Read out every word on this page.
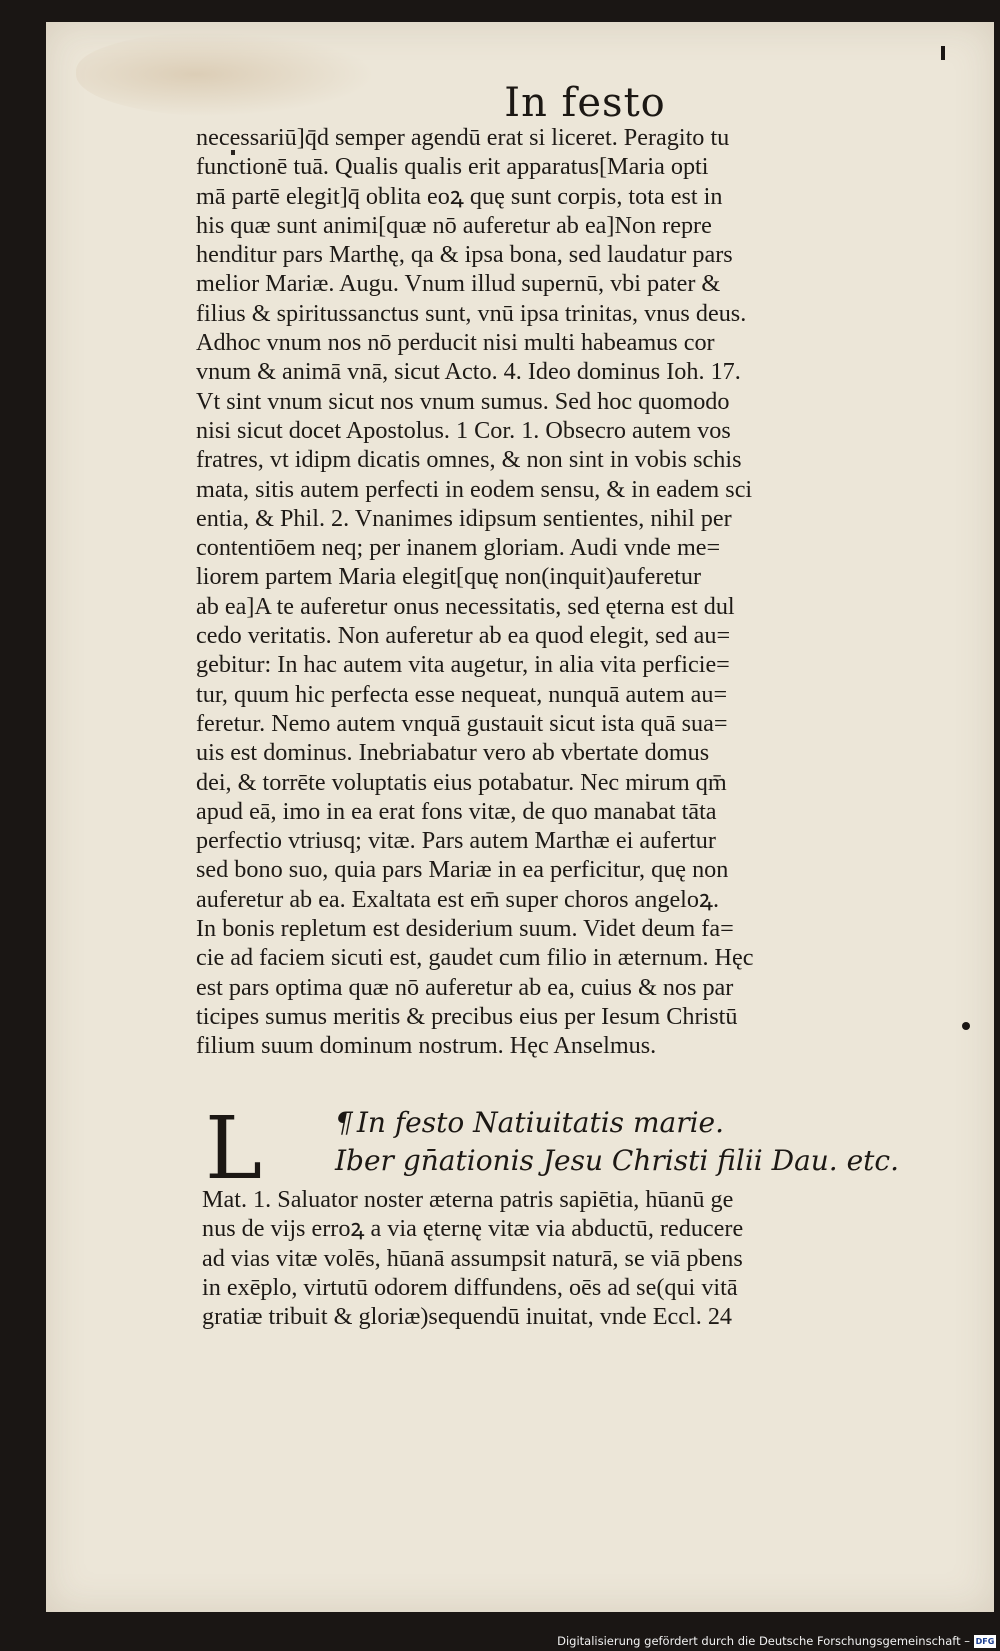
In festo
necessariū]q̄d semper agendū erat si liceret. Peragito tu
functionē tuā. Qualis qualis erit apparatus[Maria opti
mā partē elegit]q̄ oblita eoꝝ quę sunt corpis, tota est in
his quæ sunt animi[quæ nō auferetur ab ea]Non repre
henditur pars Marthę, qa & ipsa bona, sed laudatur pars
melior Mariæ. Augu. Vnum illud supernū, vbi pater &
filius & spiritussanctus sunt, vnū ipsa trinitas, vnus deus.
Adhoc vnum nos nō perducit nisi multi habeamus cor
vnum & animā vnā, sicut Acto. 4. Ideo dominus Ioh. 17.
Vt sint vnum sicut nos vnum sumus. Sed hoc quomodo
nisi sicut docet Apostolus. 1 Cor. 1. Obsecro autem vos
fratres, vt idipm dicatis omnes, & non sint in vobis schis
mata, sitis autem perfecti in eodem sensu, & in eadem sci
entia, & Phil. 2. Vnanimes idipsum sentientes, nihil per
contentiōem neq; per inanem gloriam. Audi vnde me=
liorem partem Maria elegit[quę non(inquit)auferetur
ab ea]A te auferetur onus necessitatis, sed ęterna est dul
cedo veritatis. Non auferetur ab ea quod elegit, sed au=
gebitur: In hac autem vita augetur, in alia vita perficie=
tur, quum hic perfecta esse nequeat, nunquā autem au=
feretur. Nemo autem vnquā gustauit sicut ista quā sua=
uis est dominus. Inebriabatur vero ab vbertate domus
dei, & torrēte voluptatis eius potabatur. Nec mirum qm̄
apud eā, imo in ea erat fons vitæ, de quo manabat tāta
perfectio vtriusq; vitæ. Pars autem Marthæ ei aufertur
sed bono suo, quia pars Mariæ in ea perficitur, quę non
auferetur ab ea. Exaltata est em̄ super choros angeloꝝ.
In bonis repletum est desiderium suum. Videt deum fa=
cie ad faciem sicuti est, gaudet cum filio in æternum. Hęc
est pars optima quæ nō auferetur ab ea, cuius & nos par
ticipes sumus meritis & precibus eius per Iesum Christū
filium suum dominum nostrum. Hęc Anselmus.
L	¶ In festo Natiuitatis marie.
Iber gn̄ationis Jesu Christi filii Dau. etc.
Mat. 1. Saluator noster æterna patris sapiētia, hūanū ge
nus de vijs erroꝝ a via ęternę vitæ via abductū, reducere
ad vias vitæ volēs, hūanā assumpsit naturā, se viā pbens
in exēplo, virtutū odorem diffundens, oēs ad se(qui vitā
gratiæ tribuit & gloriæ)sequendū inuitat, vnde Eccl. 24
Digitalisierung gefördert durch die Deutsche Forschungsgemeinschaft – DFG
